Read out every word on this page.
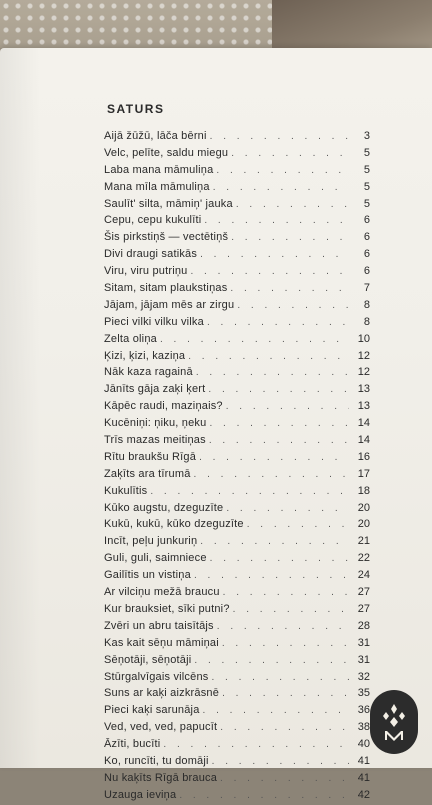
SATURS
Aijā žūžū, lāča bērni . . .	3
Velc, pelīte, saldu miegu . . .	5
Laba mana māmuliņa . . .	5
Mana mīla māmuliņa . . .	5
Saulīt' silta, māmiņ' jauka . . .	5
Cepu, cepu kukulīti . . .	6
Šis pirkstiņš — vectētiņš . . .	6
Divi draugi satikās . . .	6
Viru, viru putriņu . . .	6
Sitam, sitam plaukstiņas . . .	7
Jājam, jājam mēs ar zirgu . . .	8
Pieci vilki vilku vilka . . .	8
Zelta oliņa . . .	10
Ķizi, ķizi, kaziņa . . .	12
Nāk kaza ragainā . . .	12
Jānīts gāja zaķi ķert . . .	13
Kāpēc raudi, maziņais? . . .	13
Kucēniņi: ņiku, ņeku . . .	14
Trīs mazas meitiņas . . .	14
Rītu braukšu Rīgā . . .	16
Zaķīts ara tīrumā . . .	17
Kukulītis . . .	18
Kūko augstu, dzeguzīte . . .	20
Kukū, kukū, kūko dzeguzīte . . .	20
Incīt, peļu junkuriņ . . .	21
Guli, guli, saimniece . . .	22
Gailītis un vistiņa . . .	24
Ar vilciņu mežā braucu . . .	27
Kur brauksiet, sīki putni? . . .	27
Zvēri un abru taisītājs . . .	28
Kas kait sēņu māmiņai . . .	31
Sēņotāji, sēņotāji . . .	31
Stūrgalvīgais vilcēns . . .	32
Suns ar kaķi aizkrāsnē . . .	35
Pieci kaķi sarunāja . . .	36
Ved, ved, ved, papucīt . . .	38
Āzīti, bucīti . . .	40
Ko, runcīti, tu domāji . . .	41
Nu kaķīts Rīgā brauca . . .	41
Uzauga ieviņa . . .	42
